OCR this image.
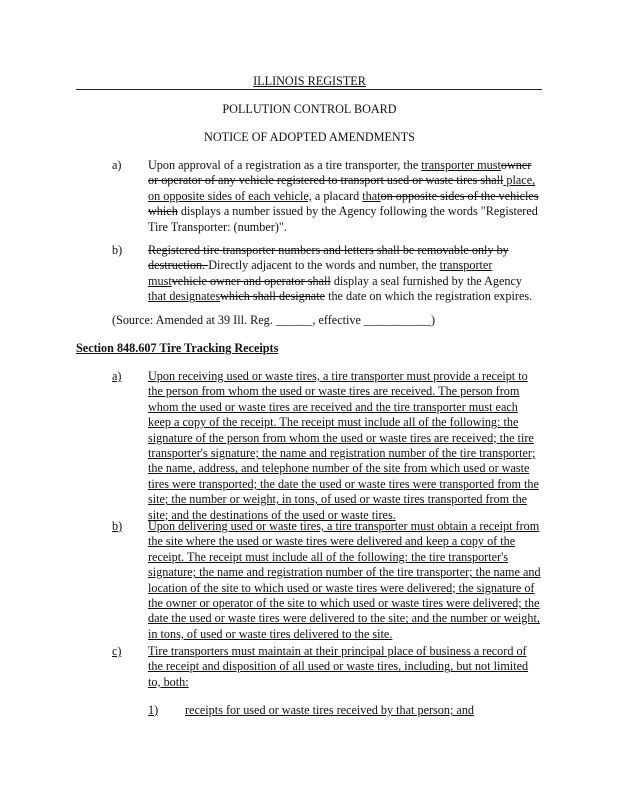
ILLINOIS REGISTER
POLLUTION CONTROL BOARD
NOTICE OF ADOPTED AMENDMENTS
a) Upon approval of a registration as a tire transporter, the transporter mustowner or operator of any vehicle registered to transport used or waste tires shall place, on opposite sides of each vehicle, a placard thaton opposite sides of the vehicles which displays a number issued by the Agency following the words "Registered Tire Transporter: (number)".
b) Registered tire transporter numbers and letters shall be removable only by destruction. Directly adjacent to the words and number, the transporter mustvehicle owner and operator shall display a seal furnished by the Agency that designateswhich shall designate the date on which the registration expires.
(Source: Amended at 39 Ill. Reg. ______, effective ___________)
Section 848.607 Tire Tracking Receipts
a) Upon receiving used or waste tires, a tire transporter must provide a receipt to the person from whom the used or waste tires are received. The person from whom the used or waste tires are received and the tire transporter must each keep a copy of the receipt. The receipt must include all of the following: the signature of the person from whom the used or waste tires are received; the tire transporter's signature; the name and registration number of the tire transporter; the name, address, and telephone number of the site from which used or waste tires were transported; the date the used or waste tires were transported from the site; the number or weight, in tons, of used or waste tires transported from the site; and the destinations of the used or waste tires.
b) Upon delivering used or waste tires, a tire transporter must obtain a receipt from the site where the used or waste tires were delivered and keep a copy of the receipt. The receipt must include all of the following: the tire transporter's signature; the name and registration number of the tire transporter; the name and location of the site to which used or waste tires were delivered; the signature of the owner or operator of the site to which used or waste tires were delivered; the date the used or waste tires were delivered to the site; and the number or weight, in tons, of used or waste tires delivered to the site.
c) Tire transporters must maintain at their principal place of business a record of the receipt and disposition of all used or waste tires, including, but not limited to, both:
1) receipts for used or waste tires received by that person; and
